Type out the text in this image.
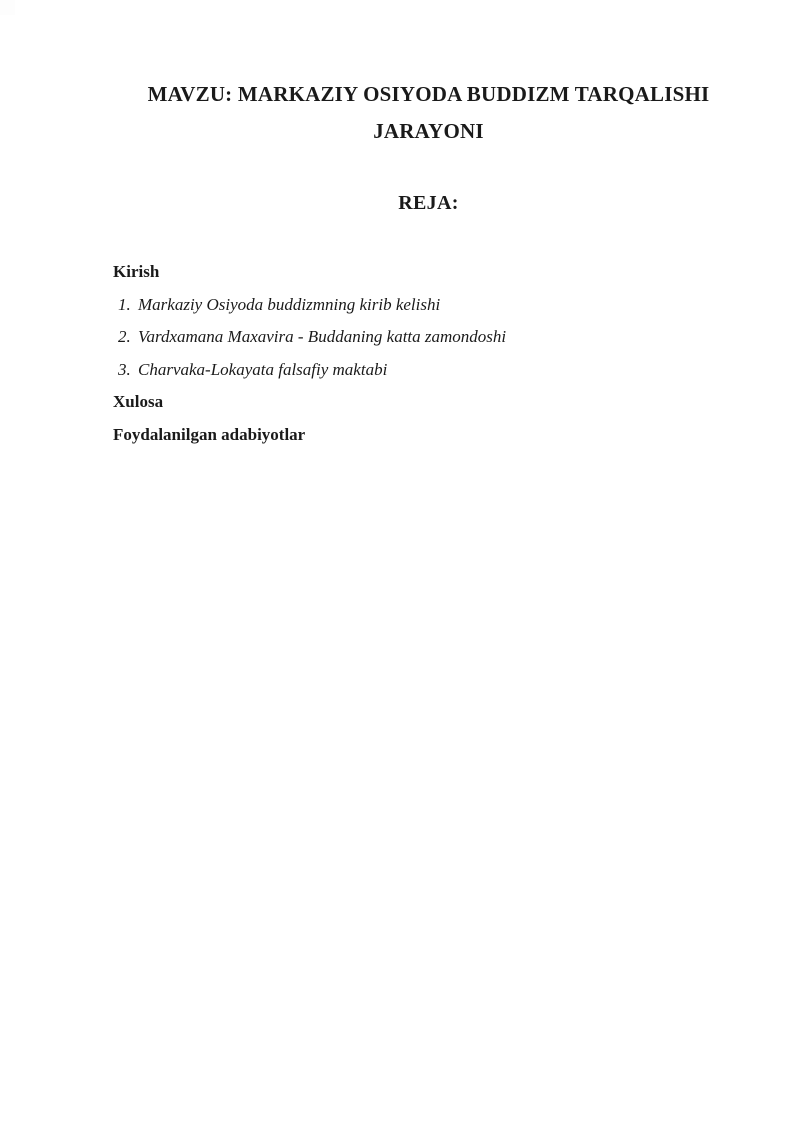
MAVZU: MARKAZIY OSIYODA BUDDIZM TARQALISHI
JARAYONI
REJA:
Kirish
1. Markaziy Osiyoda buddizmning kirib kelishi
2. Vardxamana Maxavira - Buddaning katta zamondoshi
3. Charvaka-Lokayata falsafiy maktabi
Xulosa
Foydalanilgan adabiyotlar
